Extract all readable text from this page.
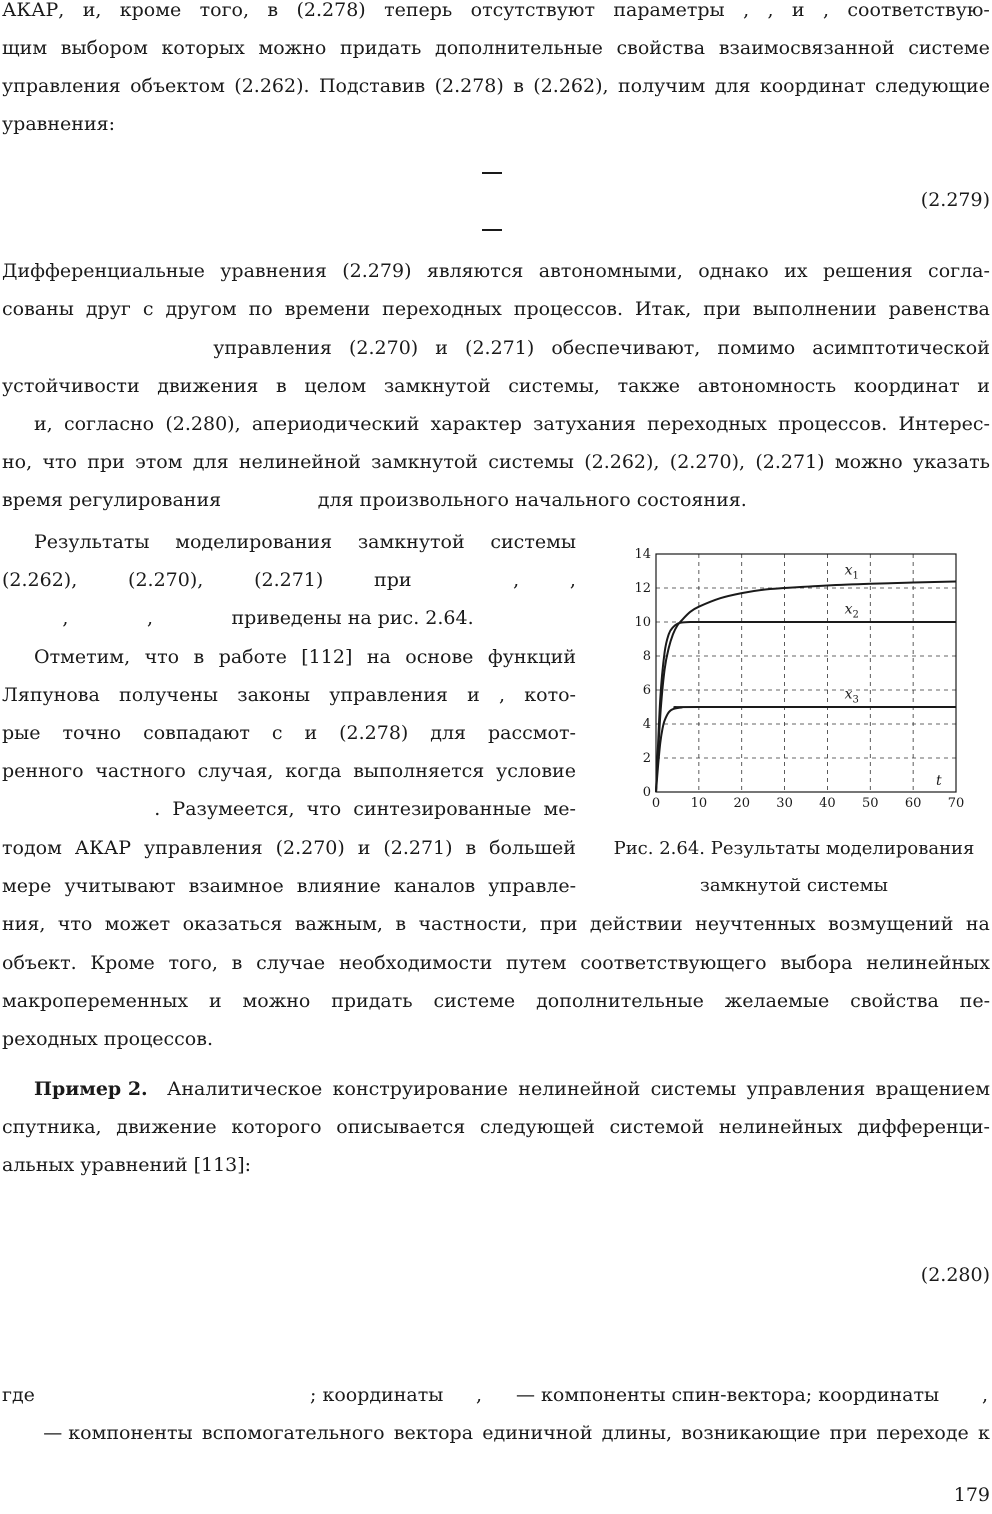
АКАР, и, кроме того, в (2.278) теперь отсутствуют параметры , , и , соответствую-
щим выбором которых можно придать дополнительные свойства взаимосвязанной системе
управления объектом (2.262). Подставив (2.278) в (2.262), получим для координат следующие
уравнения:
(2.279)
Дифференциальные уравнения (2.279) являются автономными, однако их решения согла-
сованы друг с другом по времени переходных процессов. Итак, при выполнении равенства
управления (2.270) и (2.271) обеспечивают, помимо асимптотической
устойчивости движения в целом замкнутой системы, также автономность координат и
и, согласно (2.280), апериодический характер затухания переходных процессов. Интерес-
но, что при этом для нелинейной замкнутой системы (2.262), (2.270), (2.271) можно указать
время регулирования                для произвольного начального состояния.
Результаты моделирования замкнутой системы
(2.262),	(2.270),	(2.271)	при	,	,
,             ,             приведены на рис. 2.64.
Отметим, что в работе [112] на основе функций
Ляпунова получены законы управления и , кото-
рые точно совпадают с и (2.278) для рассмот-
ренного частного случая, когда выполняется условие
. Разумеется, что синтезированные ме-
тодом АКАР управления (2.270) и (2.271) в большей
мере учитывают взаимное влияние каналов управле-
0 10 20 30 40 50 60 70
0
2
4
6
8
10
12
14
t
$x_1$
$x_2$
$x_3$
Рис. 2.64. Результаты моделирования
замкнутой системы
ния, что может оказаться важным, в частности, при действии неучтенных возмущений на
объект. Кроме того, в случае необходимости путем соответствующего выбора нелинейных
макропеременных и можно придать системе дополнительные желаемые свойства пе-
реходных процессов.
Пример 2. Аналитическое конструирование нелинейной системы управления вращением
спутника, движение которого описывается следующей системой нелинейных дифференци-
альных уравнений [113]:
(2.280)
где	; координаты , — компоненты спин-вектора; координаты ,
— компоненты вспомогательного вектора единичной длины, возникающие при переходе к
179
